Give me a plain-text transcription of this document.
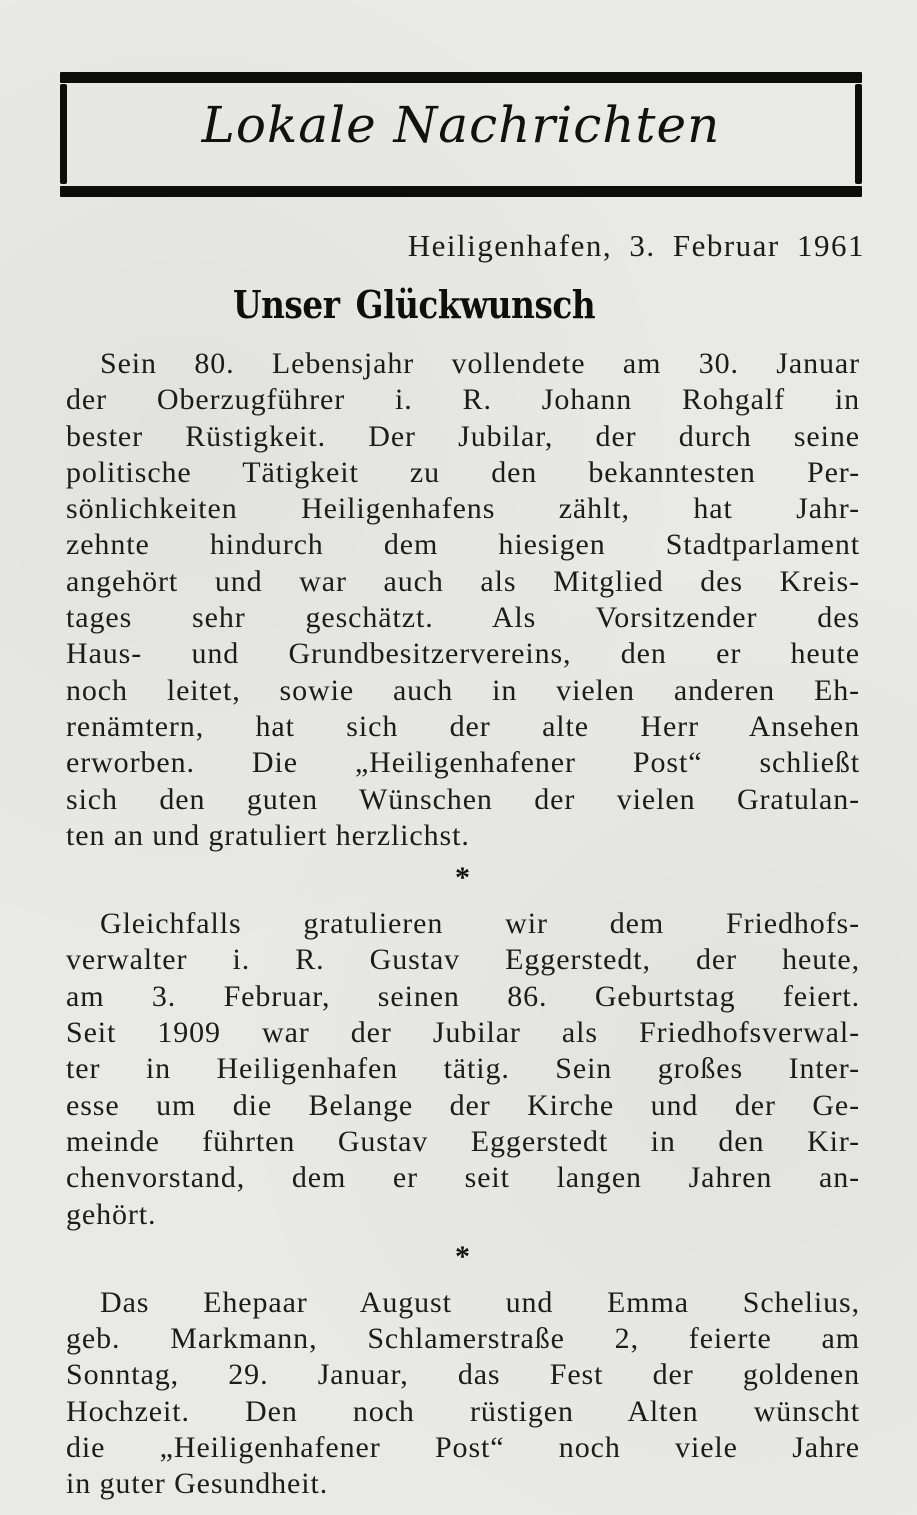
Lokale Nachrichten
Heiligenhafen, 3. Februar 1961
Unser Glückwunsch
Sein 80. Lebensjahr vollendete am 30. Januar
der Oberzugführer i. R. Johann Rohgalf in
bester Rüstigkeit. Der Jubilar, der durch seine
politische Tätigkeit zu den bekanntesten Per-
sönlichkeiten Heiligenhafens zählt, hat Jahr-
zehnte hindurch dem hiesigen Stadtparlament
angehört und war auch als Mitglied des Kreis-
tages sehr geschätzt. Als Vorsitzender des
Haus- und Grundbesitzervereins, den er heute
noch leitet, sowie auch in vielen anderen Eh-
renämtern, hat sich der alte Herr Ansehen
erworben. Die „Heiligenhafener Post“ schließt
sich den guten Wünschen der vielen Gratulan-
ten an und gratuliert herzlichst.
*
Gleichfalls gratulieren wir dem Friedhofs-
verwalter i. R. Gustav Eggerstedt, der heute,
am 3. Februar, seinen 86. Geburtstag feiert.
Seit 1909 war der Jubilar als Friedhofsverwal-
ter in Heiligenhafen tätig. Sein großes Inter-
esse um die Belange der Kirche und der Ge-
meinde führten Gustav Eggerstedt in den Kir-
chenvorstand, dem er seit langen Jahren an-
gehört.
*
Das Ehepaar August und Emma Schelius,
geb. Markmann, Schlamerstraße 2, feierte am
Sonntag, 29. Januar, das Fest der goldenen
Hochzeit. Den noch rüstigen Alten wünscht
die „Heiligenhafener Post“ noch viele Jahre
in guter Gesundheit.
